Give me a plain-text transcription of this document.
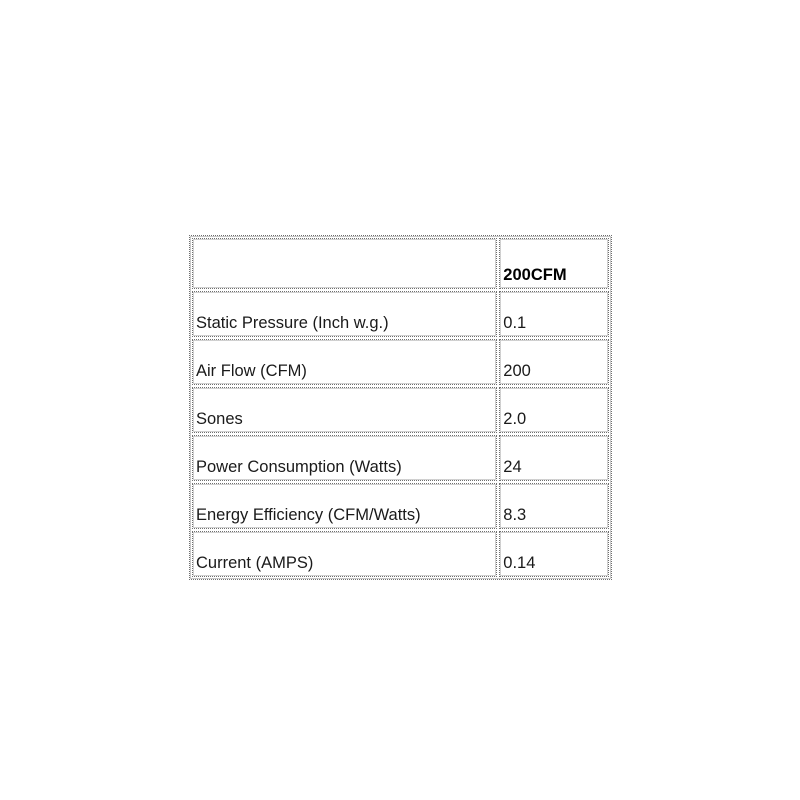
	200CFM
Static Pressure (Inch w.g.)	0.1
Air Flow (CFM)	200
Sones	2.0
Power Consumption (Watts)	24
Energy Efficiency (CFM/Watts)	8.3
Current (AMPS)	0.14
